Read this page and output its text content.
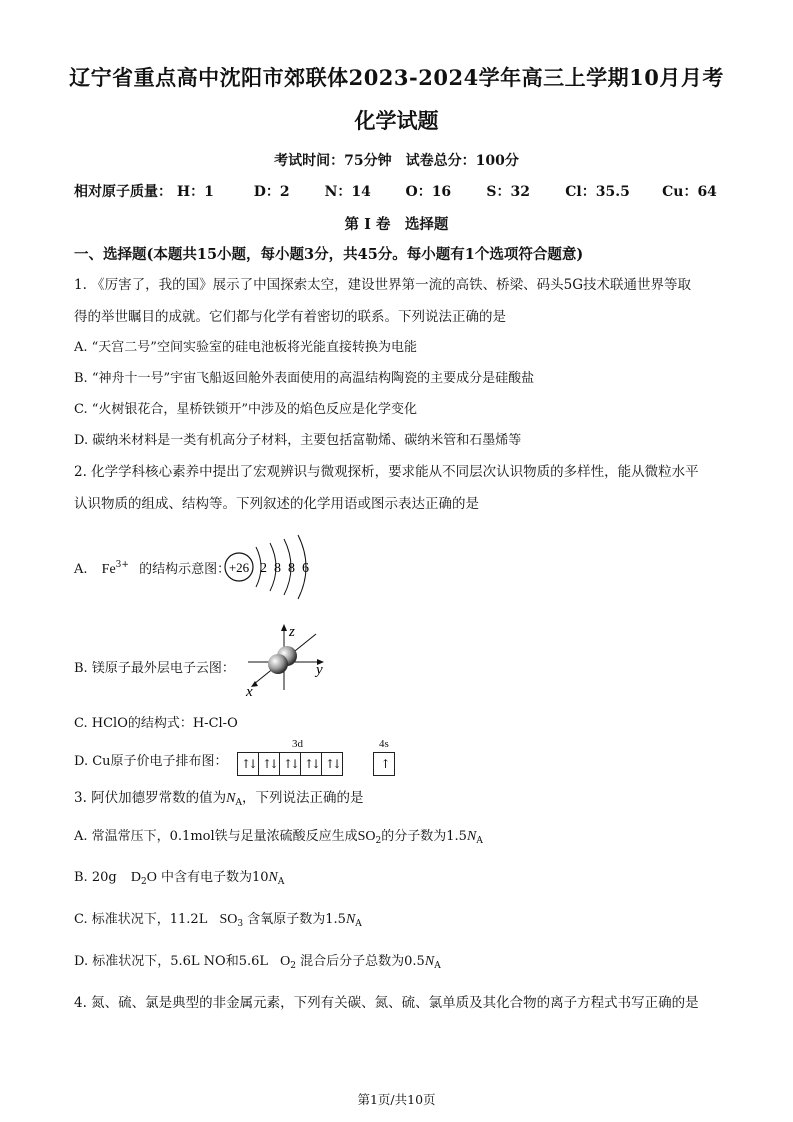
辽宁省重点高中沈阳市郊联体2023-2024学年高三上学期10月月考
化学试题
考试时间：75分钟　试卷总分：100分
相对原子质量： H：1	D：2 N：14 O：16	S：32	Cl：35.5 Cu：64
第 I 卷　选择题
一、选择题(本题共15小题，每小题3分，共45分。每小题有1个选项符合题意)
1. 《厉害了，我的国》展示了中国探索太空，建设世界第一流的高铁、桥梁、码头5G技术联通世界等取
得的举世瞩目的成就。它们都与化学有着密切的联系。下列说法正确的是
A. “天宫二号”空间实验室的硅电池板将光能直接转换为电能
B. “神舟十一号”宇宙飞船返回舱外表面使用的高温结构陶瓷的主要成分是硅酸盐
C. “火树银花合，星桥铁锁开”中涉及的焰色反应是化学变化
D. 碳纳米材料是一类有机高分子材料，主要包括富勒烯、碳纳米管和石墨烯等
2. 化学学科核心素养中提出了宏观辨识与微观探析，要求能从不同层次认识物质的多样性，能从微粒水平
认识物质的组成、结构等。下列叙述的化学用语或图示表达正确的是
A. $Fe^{3+}$ 的结构示意图：
+26 2 8 8 6
B. 镁原子最外层电子云图：
z
y
x
C. HClO的结构式：H-Cl-O
D. Cu原子价电子排布图：
3d	4s
↑↓ ↑↓ ↑↓ ↑↓ ↑↓	↑
3. 阿伏加德罗常数的值为$N_A$，下列说法正确的是
A. 常温常压下，0.1mol铁与足量浓硫酸反应生成$SO_2$的分子数为$1.5N_A$
B. 20g $D_2O$ 中含有电子数为$10N_A$
C. 标准状况下，11.2L $SO_3$ 含氧原子数为$1.5N_A$
D. 标准状况下，5.6L NO和5.6L $O_2$ 混合后分子总数为$0.5N_A$
4. 氮、硫、氯是典型的非金属元素，下列有关碳、氮、硫、氯单质及其化合物的离子方程式书写正确的是
第1页/共10页
